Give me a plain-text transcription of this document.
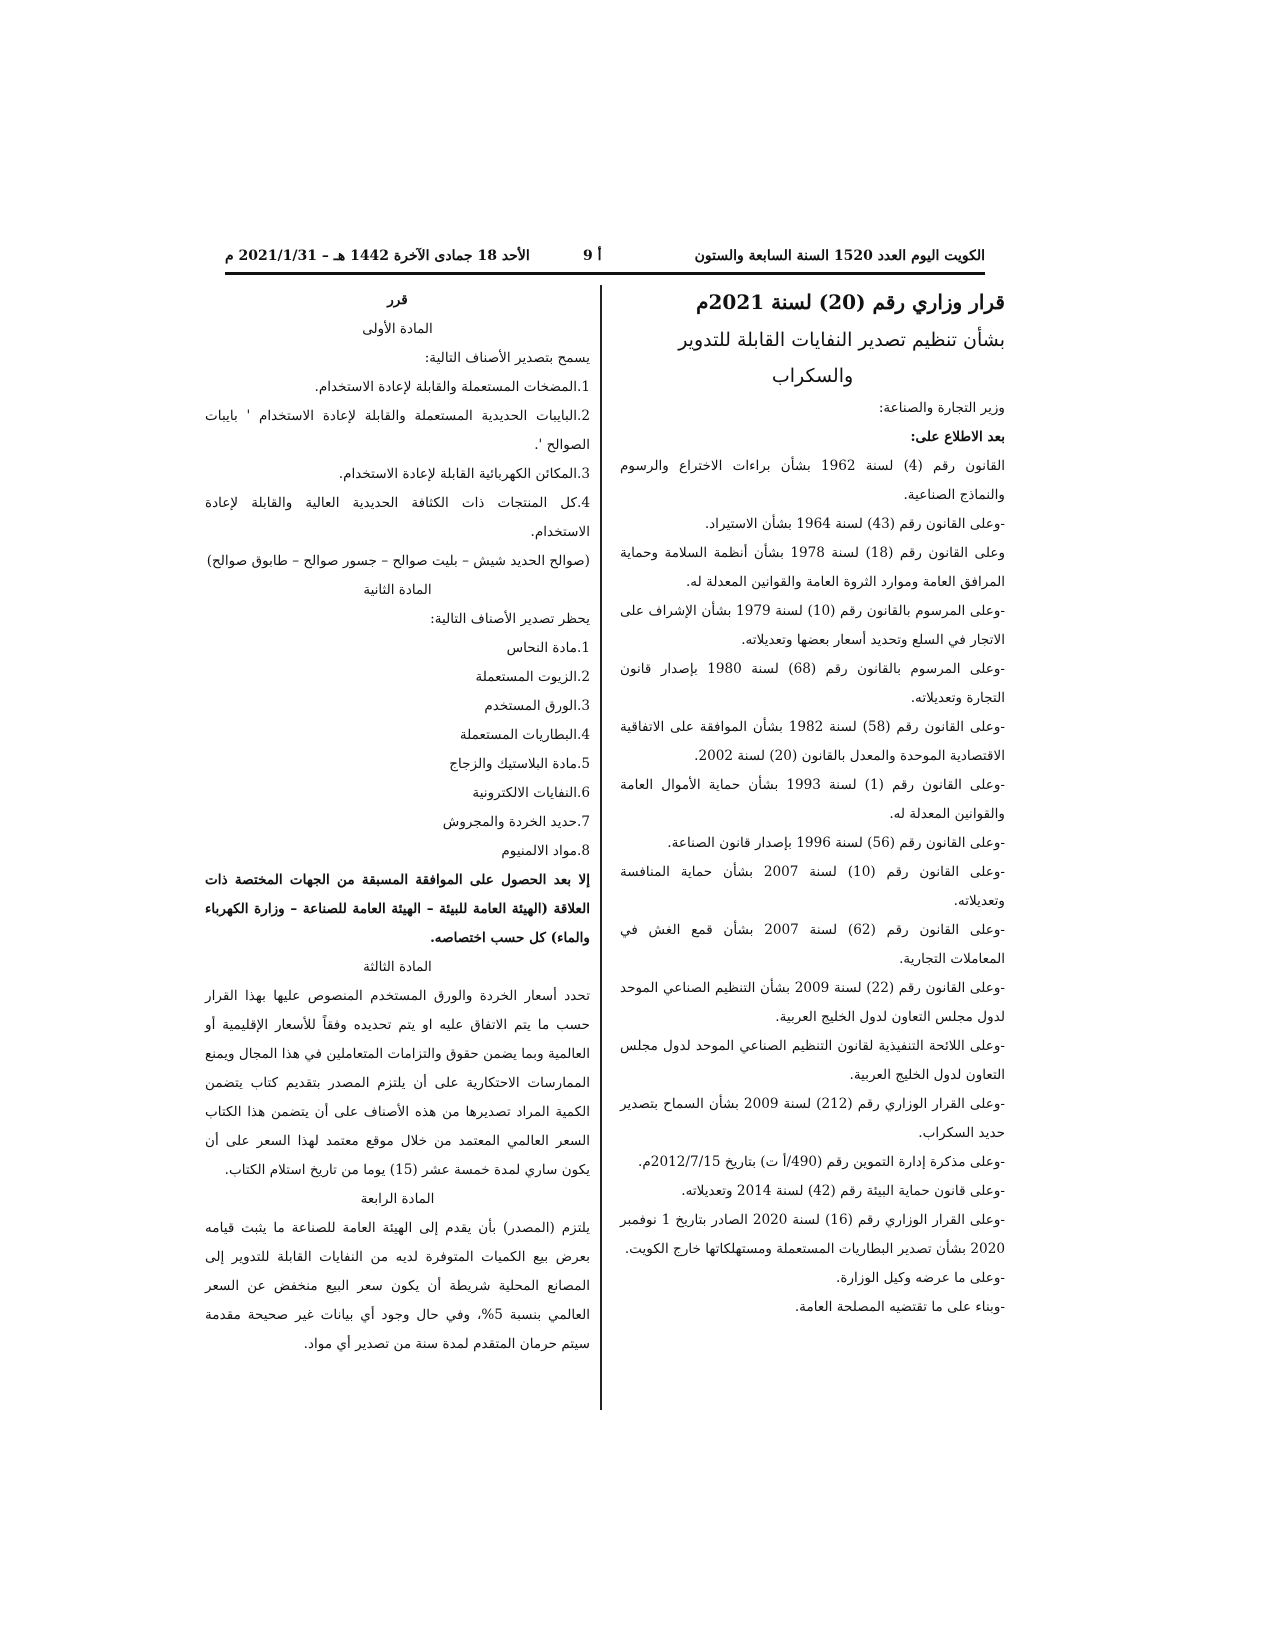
الكويت اليوم العدد 1520 السنة السابعة والستون
أ 9
الأحد 18 جمادى الآخرة 1442 هـ – 2021/1/31 م

قرار وزاري رقم (20) لسنة 2021م

بشأن تنظيم تصدير النفايات القابلة للتدوير

والسكراب

وزير التجارة والصناعة:

بعد الاطلاع على:

القانون رقم (4) لسنة 1962 بشأن براءات الاختراع والرسوم والنماذج الصناعية.

-وعلى القانون رقم (43) لسنة 1964 بشأن الاستيراد.

وعلى القانون رقم (18) لسنة 1978 بشأن أنظمة السلامة وحماية المرافق العامة وموارد الثروة العامة والقوانين المعدلة له.

-وعلى المرسوم بالقانون رقم (10) لسنة 1979 بشأن الإشراف على الاتجار في السلع وتحديد أسعار بعضها وتعديلاته.

-وعلى المرسوم بالقانون رقم (68) لسنة 1980 بإصدار قانون التجارة وتعديلاته.

-وعلى القانون رقم (58) لسنة 1982 بشأن الموافقة على الاتفاقية الاقتصادية الموحدة والمعدل بالقانون (20) لسنة 2002.

-وعلى القانون رقم (1) لسنة 1993 بشأن حماية الأموال العامة والقوانين المعدلة له.

-وعلى القانون رقم (56) لسنة 1996 بإصدار قانون الصناعة.

-وعلى القانون رقم (10) لسنة 2007 بشأن حماية المنافسة وتعديلاته.

-وعلى القانون رقم (62) لسنة 2007 بشأن قمع الغش في المعاملات التجارية.

-وعلى القانون رقم (22) لسنة 2009 بشأن التنظيم الصناعي الموحد لدول مجلس التعاون لدول الخليج العربية.

-وعلى اللائحة التنفيذية لقانون التنظيم الصناعي الموحد لدول مجلس التعاون لدول الخليج العربية.

-وعلى القرار الوزاري رقم (212) لسنة 2009 بشأن السماح بتصدير حديد السكراب.

-وعلى مذكرة إدارة التموين رقم (490/أ ت) بتاريخ 2012/7/15م.

-وعلى قانون حماية البيئة رقم (42) لسنة 2014 وتعديلاته.

-وعلى القرار الوزاري رقم (16) لسنة 2020 الصادر بتاريخ 1 نوفمبر 2020 بشأن تصدير البطاريات المستعملة ومستهلكاتها خارج الكويت.

-وعلى ما عرضه وكيل الوزارة.

-وبناء على ما تقتضيه المصلحة العامة.

قرر

المادة الأولى

يسمح بتصدير الأصناف التالية:

1.المضخات المستعملة والقابلة لإعادة الاستخدام.

2.البايبات الحديدية المستعملة والقابلة لإعادة الاستخدام ' بايبات الصوالح '.

3.المكائن الكهربائية القابلة لإعادة الاستخدام.

4.كل المنتجات ذات الكثافة الحديدية العالية والقابلة لإعادة الاستخدام.

(صوالح الحديد شيش – بليت صوالح – جسور صوالح – طابوق صوالح)

المادة الثانية

يحظر تصدير الأصناف التالية:

1.مادة النحاس

2.الزيوت المستعملة

3.الورق المستخدم

4.البطاريات المستعملة

5.مادة البلاستيك والزجاج

6.النفايات الالكترونية

7.حديد الخردة والمجروش

8.مواد الالمنيوم

إلا بعد الحصول على الموافقة المسبقة من الجهات المختصة ذات العلاقة (الهيئة العامة للبيئة – الهيئة العامة للصناعة – وزارة الكهرباء والماء) كل حسب اختصاصه.

المادة الثالثة

تحدد أسعار الخردة والورق المستخدم المنصوص عليها بهذا القرار حسب ما يتم الاتفاق عليه او يتم تحديده وفقاً للأسعار الإقليمية أو العالمية وبما يضمن حقوق والتزامات المتعاملين في هذا المجال ويمنع الممارسات الاحتكارية على أن يلتزم المصدر بتقديم كتاب يتضمن الكمية المراد تصديرها من هذه الأصناف على أن يتضمن هذا الكتاب السعر العالمي المعتمد من خلال موقع معتمد لهذا السعر على أن يكون ساري لمدة خمسة عشر (15) يوما من تاريخ استلام الكتاب.

المادة الرابعة

يلتزم (المصدر) بأن يقدم إلى الهيئة العامة للصناعة ما يثبت قيامه بعرض بيع الكميات المتوفرة لديه من النفايات القابلة للتدوير إلى المصانع المحلية شريطة أن يكون سعر البيع منخفض عن السعر العالمي بنسبة 5%، وفي حال وجود أي بيانات غير صحيحة مقدمة سيتم حرمان المتقدم لمدة سنة من تصدير أي مواد.
